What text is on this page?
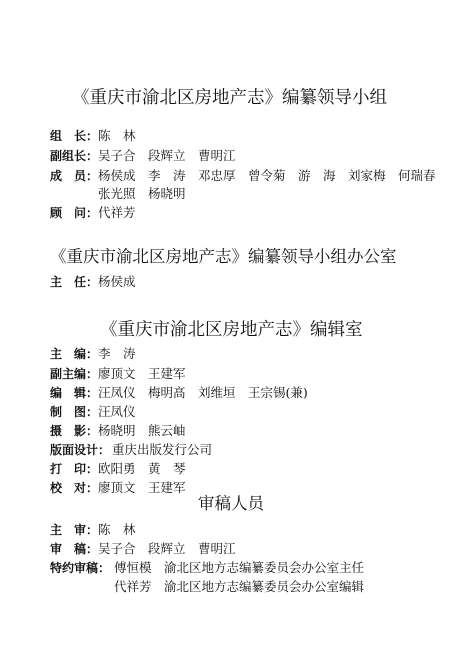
《重庆市渝北区房地产志》编纂领导小组
组　长：陈　林
副组长：吴子合　段辉立　曹明江
成　员：杨侯成　李　涛　邓忠厚　曾令菊　游　海　刘家梅　何瑞春
张光照　杨晓明
顾　问：代祥芳
《重庆市渝北区房地产志》编纂领导小组办公室
主　任：杨侯成
《重庆市渝北区房地产志》编辑室
主　编：李　涛
副主编：廖顶文　王建军
编　辑：汪凤仪　梅明高　刘维垣　王宗锡(兼)
制　图：汪凤仪
摄　影：杨晓明　熊云岫
版面设计： 重庆出版发行公司
打　印：欧阳勇　黄　琴
校　对：廖顶文　王建军
审稿人员
主　审：陈　林
审　稿：吴子合　段辉立　曹明江
特约审稿： 傅恒模　渝北区地方志编纂委员会办公室主任
代祥芳　渝北区地方志编纂委员会办公室编辑
